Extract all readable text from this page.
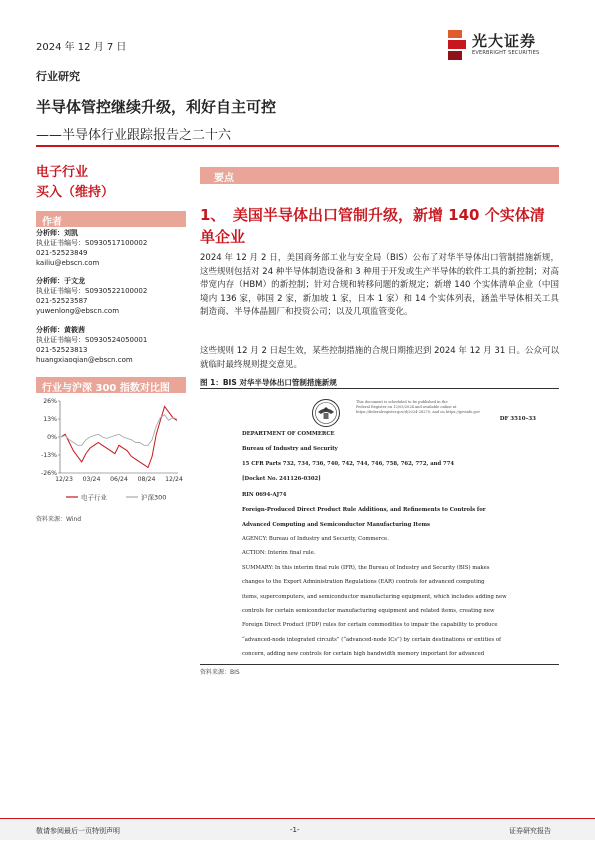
2024 年 12 月 7 日	光大证券
EVERBRIGHT SECURITIES
行业研究
半导体管控继续升级，利好自主可控
——半导体行业跟踪报告之二十六
电子行业
买入（维持）
作者
分析师：刘凯
执业证书编号：S0930517100002
021-52523849
kailiu@ebscn.com
分析师：于文龙
执业证书编号：S0930522100002
021-52523587
yuwenlong@ebscn.com
分析师：黄筱茜
执业证书编号：S0930524050001
021-52523813
huangxiaoqian@ebscn.com
行业与沪深 300 指数对比图
26%
13%
0%
-13%
-26%
12/23 03/24 06/24 08/24 12/24
电子行业	沪深300
资料来源：Wind
要点
1、　美国半导体出口管制升级，新增 140 个实体清单企业
2024 年 12 月 2 日，美国商务部工业与安全局（BIS）公布了对华半导体出口管制措施新规，这些规则包括对 24 种半导体制造设备和 3 种用于开发或生产半导体的软件工具的新控制；对高带宽内存（HBM）的新控制；针对合规和转移问题的新规定；新增 140 个实体清单企业（中国境内 136 家，韩国 2 家，新加坡 1 家，日本 1 家）和 14 个实体列表，涵盖半导体相关工具制造商、半导体晶圆厂和投资公司；以及几项监管变化。
这些规则 12 月 2 日起生效，某些控制措施的合规日期推迟到 2024 年 12 月 31 日。公众可以就临时最终规则提交意见。
图 1：BIS 对华半导体出口管制措施新规
This document is scheduled to be published in the
Federal Register on 12/05/2024 and available online at
https://federalregister.gov/d/2024-28270, and on https://govinfo.gov
DF 3510–33
DEPARTMENT OF COMMERCE
Bureau of Industry and Security
15 CFR Parts 732, 734, 736, 740, 742, 744, 746, 758, 762, 772, and 774
[Docket No. 241126-0302]
RIN 0694-AJ74
Foreign-Produced Direct Product Rule Additions, and Refinements to Controls for
Advanced Computing and Semiconductor Manufacturing Items
AGENCY: Bureau of Industry and Security, Commerce.
ACTION: Interim final rule.
SUMMARY: In this interim final rule (IFR), the Bureau of Industry and Security (BIS) makes
changes to the Export Administration Regulations (EAR) controls for advanced computing
items, supercomputers, and semiconductor manufacturing equipment, which includes adding new
controls for certain semiconductor manufacturing equipment and related items, creating new
Foreign Direct Product (FDP) rules for certain commodities to impair the capability to produce
“advanced-node integrated circuits” (“advanced-node ICs”) by certain destinations or entities of
concern, adding new controls for certain high bandwidth memory important for advanced
资料来源：BIS
敬请参阅最后一页特别声明	-1-	证券研究报告
